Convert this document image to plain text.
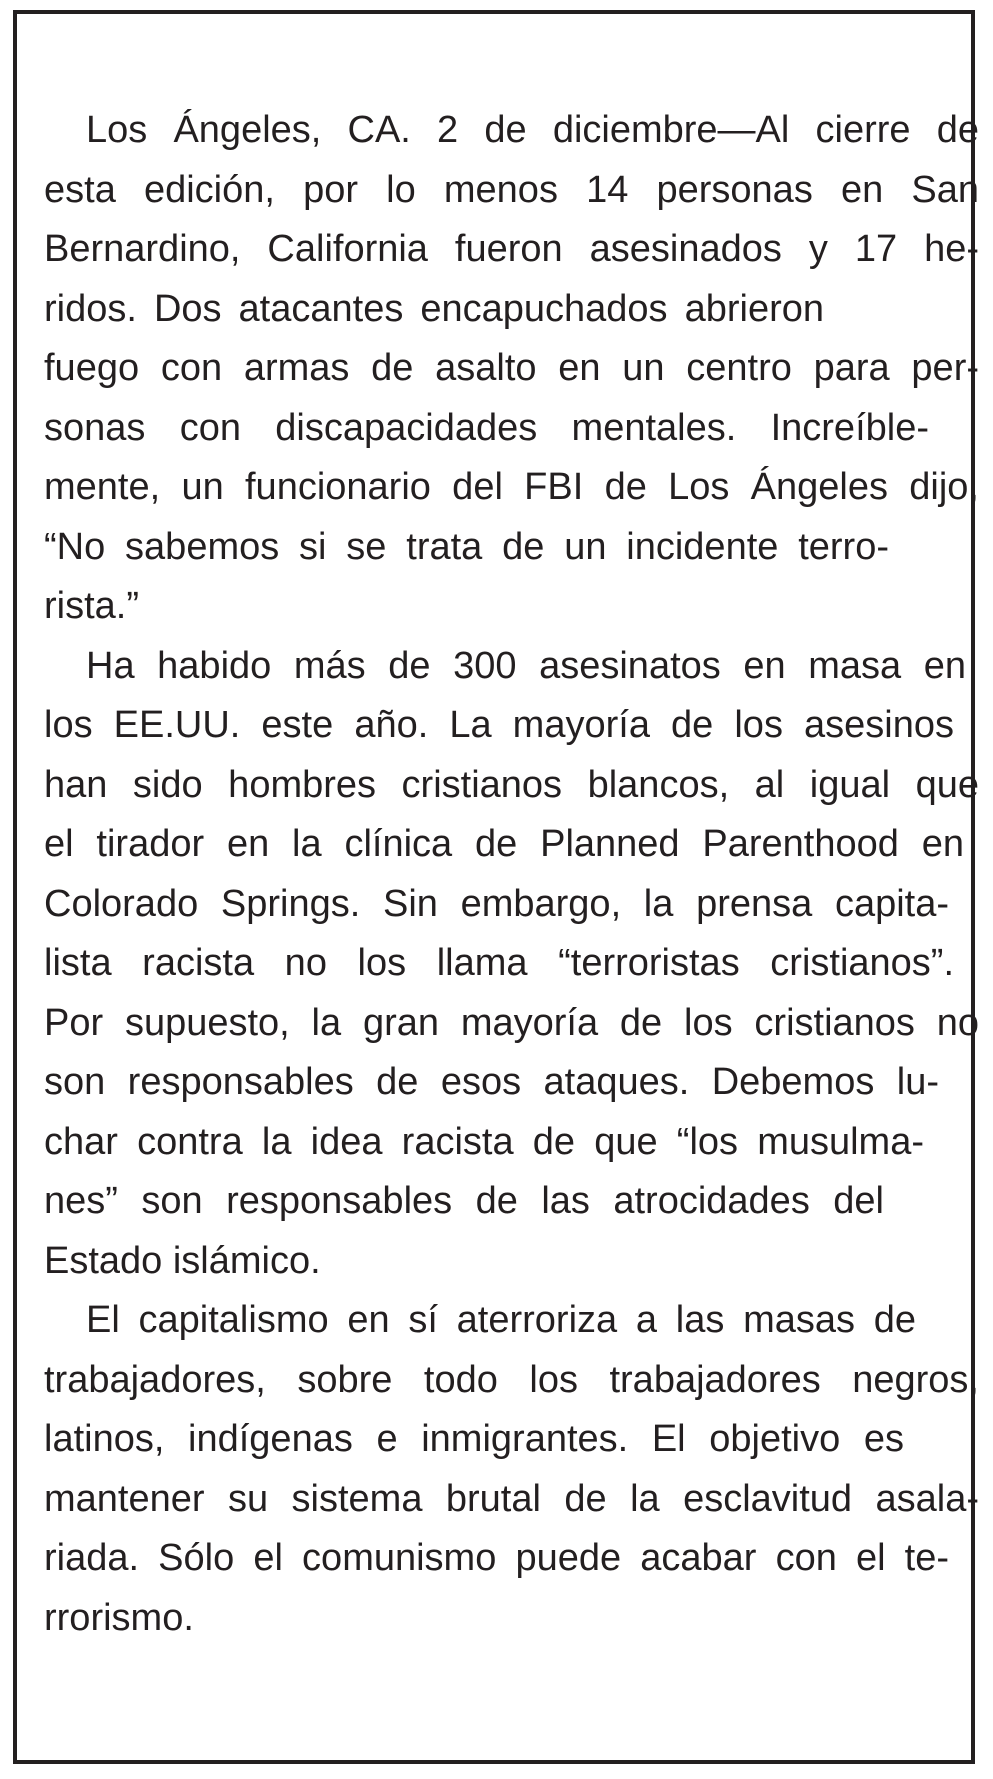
Los Ángeles, CA. 2 de diciembre—Al cierre de
esta edición, por lo menos 14 personas en San
Bernardino, California fueron asesinados y 17 he-
ridos. Dos atacantes encapuchados abrieron
fuego con armas de asalto en un centro para per-
sonas con discapacidades mentales. Increíble-
mente, un funcionario del FBI de Los Ángeles dijo,
“No sabemos si se trata de un incidente terro-
rista.”
Ha habido más de 300 asesinatos en masa en
los EE.UU. este año. La mayoría de los asesinos
han sido hombres cristianos blancos, al igual que
el tirador en la clínica de Planned Parenthood en
Colorado Springs. Sin embargo, la prensa capita-
lista racista no los llama “terroristas cristianos”.
Por supuesto, la gran mayoría de los cristianos no
son responsables de esos ataques. Debemos lu-
char contra la idea racista de que “los musulma-
nes” son responsables de las atrocidades del
Estado islámico.
El capitalismo en sí aterroriza a las masas de
trabajadores, sobre todo los trabajadores negros,
latinos, indígenas e inmigrantes. El objetivo es
mantener su sistema brutal de la esclavitud asala-
riada. Sólo el comunismo puede acabar con el te-
rrorismo.
